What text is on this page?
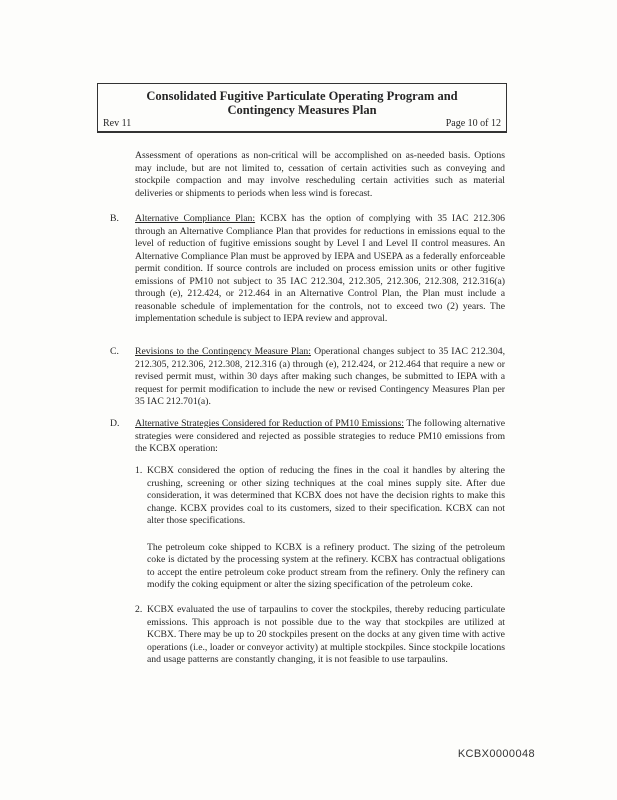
Consolidated Fugitive Particulate Operating Program and
Contingency Measures Plan
Rev 11	Page 10 of 12

Assessment of operations as non-critical will be accomplished on as-needed basis. Options may include, but are not limited to, cessation of certain activities such as conveying and stockpile compaction and may involve rescheduling certain activities such as material deliveries or shipments to periods when less wind is forecast.

B. Alternative Compliance Plan: KCBX has the option of complying with 35 IAC 212.306 through an Alternative Compliance Plan that provides for reductions in emissions equal to the level of reduction of fugitive emissions sought by Level I and Level II control measures. An Alternative Compliance Plan must be approved by IEPA and USEPA as a federally enforceable permit condition. If source controls are included on process emission units or other fugitive emissions of PM10 not subject to 35 IAC 212.304, 212.305, 212.306, 212.308, 212.316(a) through (e), 212.424, or 212.464 in an Alternative Control Plan, the Plan must include a reasonable schedule of implementation for the controls, not to exceed two (2) years. The implementation schedule is subject to IEPA review and approval.

C. Revisions to the Contingency Measure Plan: Operational changes subject to 35 IAC 212.304, 212.305, 212.306, 212.308, 212.316 (a) through (e), 212.424, or 212.464 that require a new or revised permit must, within 30 days after making such changes, be submitted to IEPA with a request for permit modification to include the new or revised Contingency Measures Plan per 35 IAC 212.701(a).

D. Alternative Strategies Considered for Reduction of PM10 Emissions: The following alternative strategies were considered and rejected as possible strategies to reduce PM10 emissions from the KCBX operation:

1. KCBX considered the option of reducing the fines in the coal it handles by altering the crushing, screening or other sizing techniques at the coal mines supply site. After due consideration, it was determined that KCBX does not have the decision rights to make this change. KCBX provides coal to its customers, sized to their specification. KCBX can not alter those specifications.

The petroleum coke shipped to KCBX is a refinery product. The sizing of the petroleum coke is dictated by the processing system at the refinery. KCBX has contractual obligations to accept the entire petroleum coke product stream from the refinery. Only the refinery can modify the coking equipment or alter the sizing specification of the petroleum coke.

2. KCBX evaluated the use of tarpaulins to cover the stockpiles, thereby reducing particulate emissions. This approach is not possible due to the way that stockpiles are utilized at KCBX. There may be up to 20 stockpiles present on the docks at any given time with active operations (i.e., loader or conveyor activity) at multiple stockpiles. Since stockpile locations and usage patterns are constantly changing, it is not feasible to use tarpaulins.

KCBX0000048
